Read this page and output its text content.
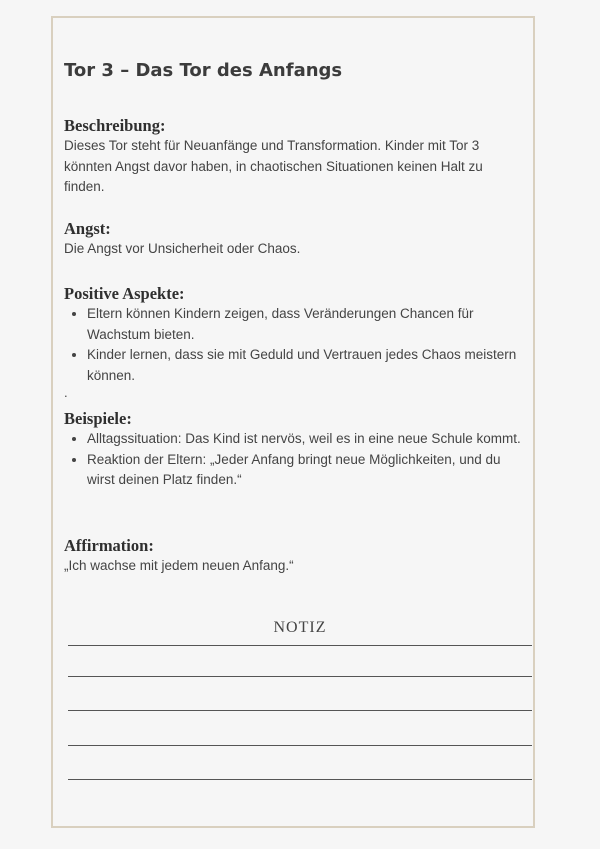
Tor 3 – Das Tor des Anfangs
Beschreibung:

Dieses Tor steht für Neuanfänge und Transformation. Kinder mit Tor 3 könnten Angst davor haben, in chaotischen Situationen keinen Halt zu finden.

Angst:

Die Angst vor Unsicherheit oder Chaos.

Positive Aspekte:
• Eltern können Kindern zeigen, dass Veränderungen Chancen für Wachstum bieten.
• Kinder lernen, dass sie mit Geduld und Vertrauen jedes Chaos meistern können.
.
Beispiele:
• Alltagssituation: Das Kind ist nervös, weil es in eine neue Schule kommt.
• Reaktion der Eltern: „Jeder Anfang bringt neue Möglichkeiten, und du wirst deinen Platz finden.“
Affirmation:

„Ich wachse mit jedem neuen Anfang.“

NOTIZ
